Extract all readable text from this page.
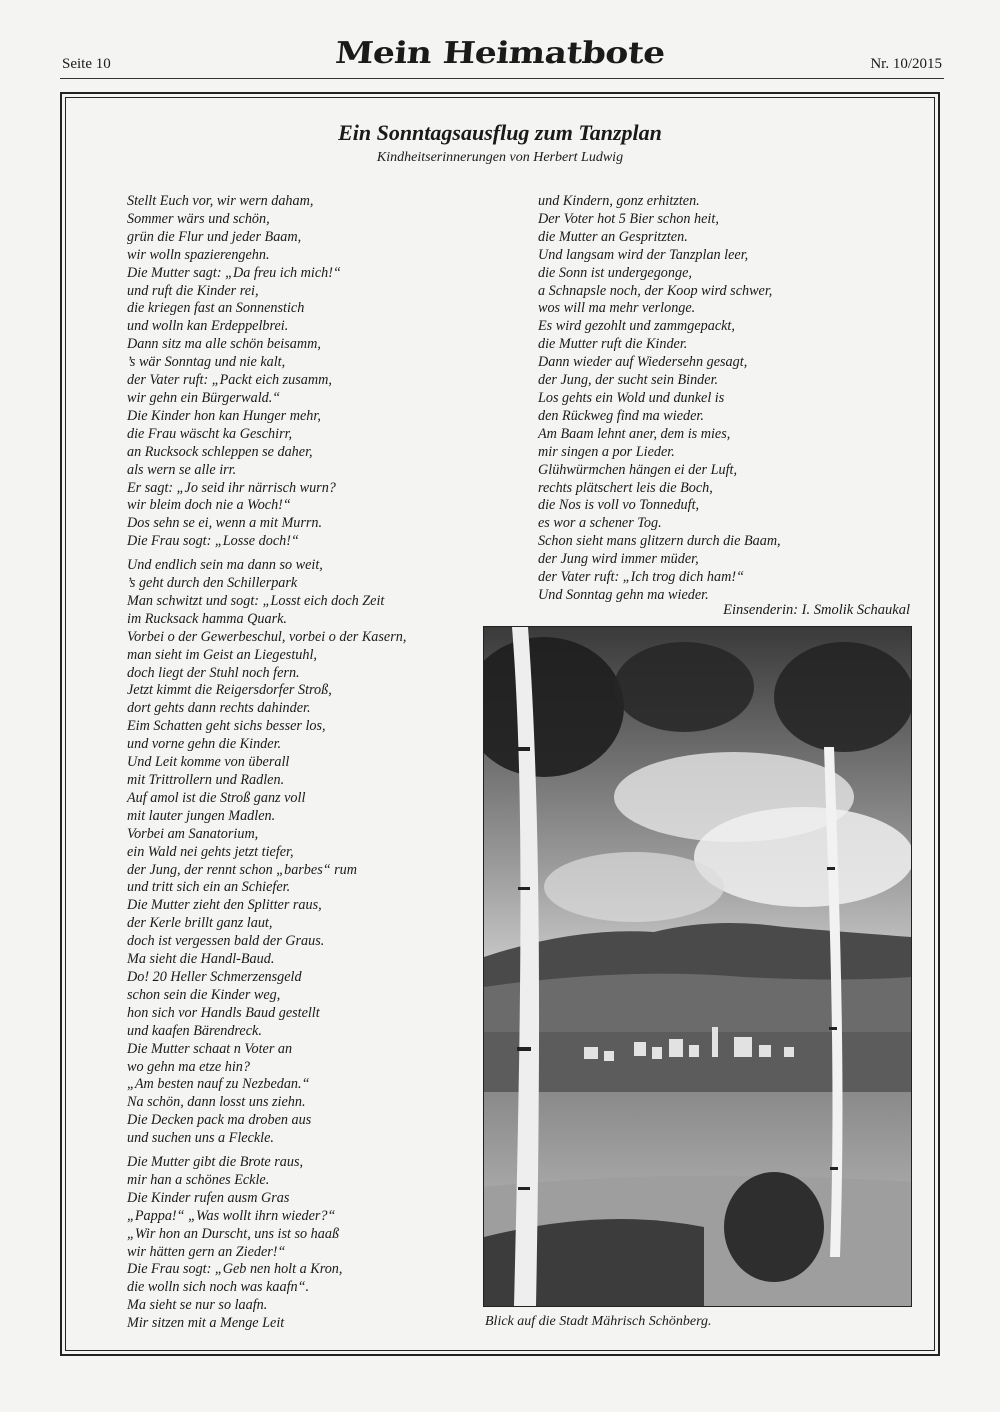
Seite 10	Mein Heimatbote	Nr. 10/2015
Ein Sonntagsausflug zum Tanzplan
Kindheitserinnerungen von Herbert Ludwig
Stellt Euch vor, wir wern daham,
Sommer wärs und schön,
grün die Flur und jeder Baam,
wir wolln spazierengehn.
Die Mutter sagt: „Da freu ich mich!“
und ruft die Kinder rei,
die kriegen fast an Sonnenstich
und wolln kan Erdeppelbrei.
Dann sitz ma alle schön beisamm,
’s wär Sonntag und nie kalt,
der Vater ruft: „Packt eich zusamm,
wir gehn ein Bürgerwald.“
Die Kinder hon kan Hunger mehr,
die Frau wäscht ka Geschirr,
an Rucksock schleppen se daher,
als wern se alle irr.
Er sagt: „Jo seid ihr närrisch wurn?
wir bleim doch nie a Woch!“
Dos sehn se ei, wenn a mit Murrn.
Die Frau sogt: „Losse doch!“
Und endlich sein ma dann so weit,
’s geht durch den Schillerpark
Man schwitzt und sogt: „Losst eich doch Zeit
im Rucksack hamma Quark.
Vorbei o der Gewerbeschul, vorbei o der Kasern,
man sieht im Geist an Liegestuhl,
doch liegt der Stuhl noch fern.
Jetzt kimmt die Reigersdorfer Stroß,
dort gehts dann rechts dahinder.
Eim Schatten geht sichs besser los,
und vorne gehn die Kinder.
Und Leit komme von überall
mit Trittrollern und Radlen.
Auf amol ist die Stroß ganz voll
mit lauter jungen Madlen.
Vorbei am Sanatorium,
ein Wald nei gehts jetzt tiefer,
der Jung, der rennt schon „barbes“ rum
und tritt sich ein an Schiefer.
Die Mutter zieht den Splitter raus,
der Kerle brillt ganz laut,
doch ist vergessen bald der Graus.
Ma sieht die Handl-Baud.
Do! 20 Heller Schmerzensgeld
schon sein die Kinder weg,
hon sich vor Handls Baud gestellt
und kaafen Bärendreck.
Die Mutter schaat n Voter an
wo gehn ma etze hin?
„Am besten nauf zu Nezbedan.“
Na schön, dann losst uns ziehn.
Die Decken pack ma droben aus
und suchen uns a Fleckle.
Die Mutter gibt die Brote raus,
mir han a schönes Eckle.
Die Kinder rufen ausm Gras
„Pappa!“ „Was wollt ihrn wieder?“
„Wir hon an Durscht, uns ist so haaß
wir hätten gern an Zieder!“
Die Frau sogt: „Geb nen holt a Kron,
die wolln sich noch was kaafn“.
Ma sieht se nur so laafn.
Mir sitzen mit a Menge Leit
und Kindern, gonz erhitzten.
Der Voter hot 5 Bier schon heit,
die Mutter an Gespritzten.
Und langsam wird der Tanzplan leer,
die Sonn ist undergegonge,
a Schnapsle noch, der Koop wird schwer,
wos will ma mehr verlonge.
Es wird gezohlt und zammgepackt,
die Mutter ruft die Kinder.
Dann wieder auf Wiedersehn gesagt,
der Jung, der sucht sein Binder.
Los gehts ein Wold und dunkel is
den Rückweg find ma wieder.
Am Baam lehnt aner, dem is mies,
mir singen a por Lieder.
Glühwürmchen hängen ei der Luft,
rechts plätschert leis die Boch,
die Nos is voll vo Tonneduft,
es wor a schener Tog.
Schon sieht mans glitzern durch die Baam,
der Jung wird immer müder,
der Vater ruft: „Ich trog dich ham!“
Und Sonntag gehn ma wieder.
Einsenderin: I. Smolik Schaukal
Blick auf die Stadt Mährisch Schönberg.
